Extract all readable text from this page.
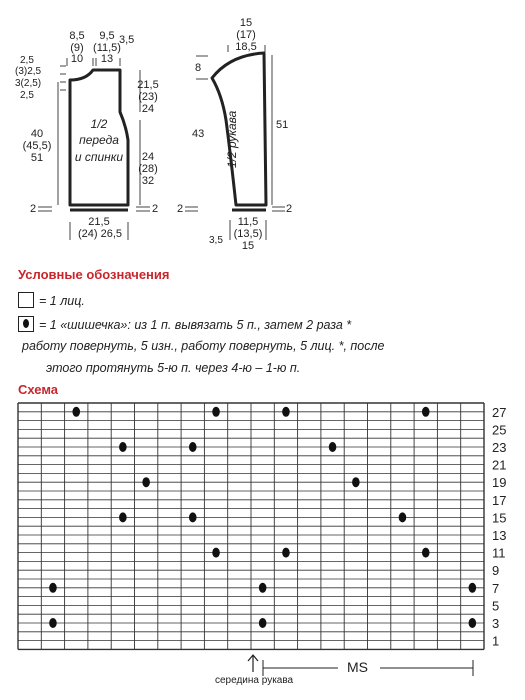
8,5
(9)
10
9,5
(11,5)
13
3,5
2,5
(3)2,5
3(2,5)
2,5
40
(45,5)
51
21,5
(23)
24
24
(28)
32
1/2
переда
и спинки
2	2
21,5
(24) 26,5
15
(17)
18,5
8
43
51
1/2 рукава
2	2
11,5
(13,5)
15
3,5
Условные обозначения
= 1 лиц.
= 1 «шишечка»: из 1 п. вывязать 5 п., затем 2 раза *
работу повернуть, 5 изн., работу повернуть, 5 лиц. *, после
этого протянуть 5-ю п. через 4-ю – 1-ю п.
Схема
27
25
23
21
19
17
15
13
11
9
7
5
3
1
середина рукава
MS
